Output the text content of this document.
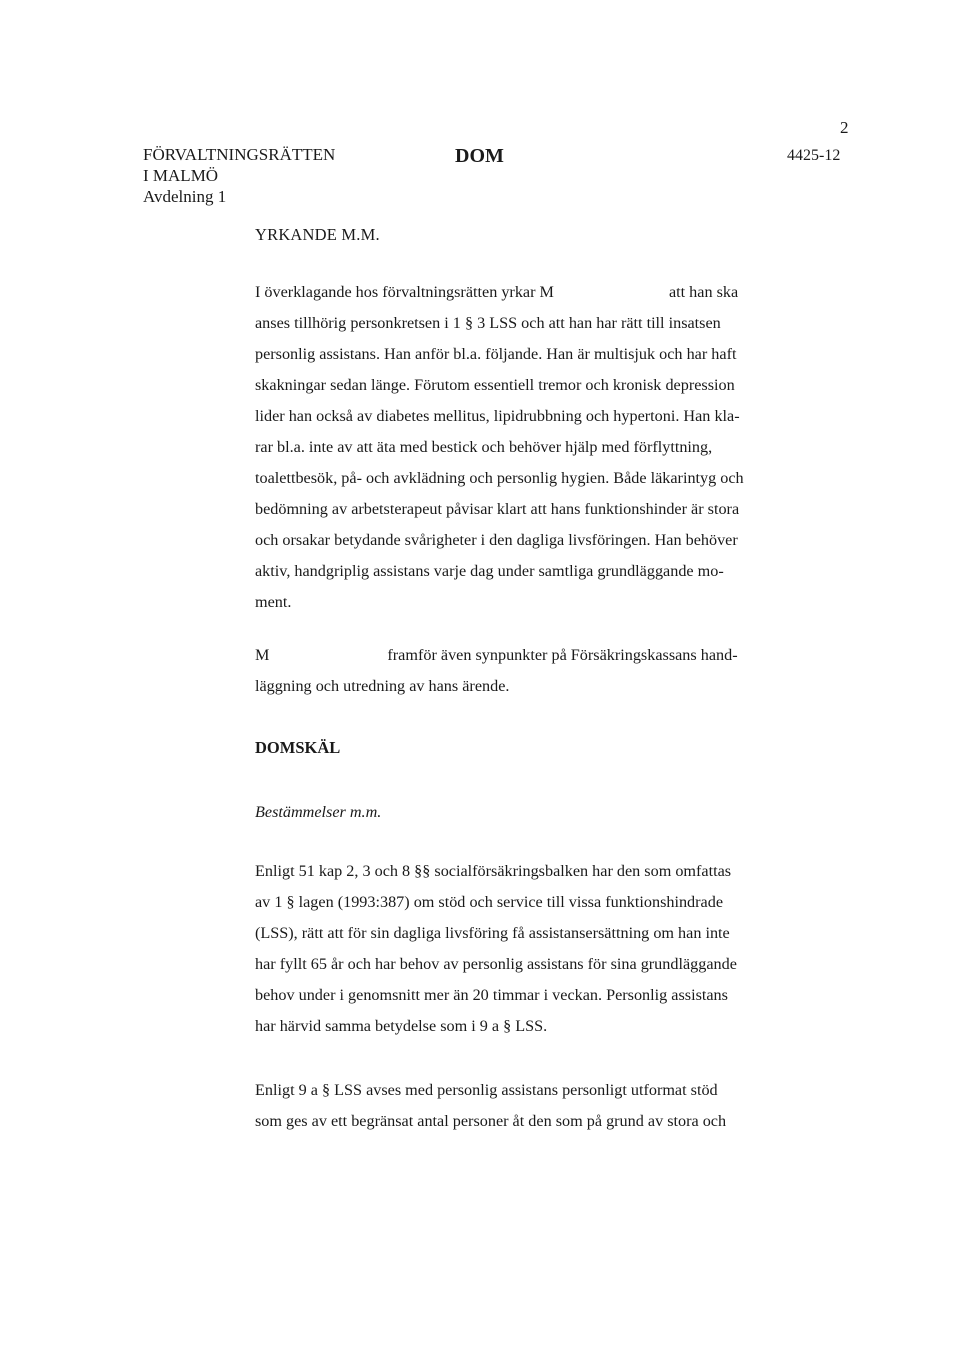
2
FÖRVALTNINGSRÄTTEN
I MALMÖ
Avdelning 1
DOM	4425-12
YRKANDE M.M.
I överklagande hos förvaltningsrätten yrkar M	att han ska
anses tillhörig personkretsen i 1 § 3 LSS och att han har rätt till insatsen
personlig assistans. Han anför bl.a. följande. Han är multisjuk och har haft
skakningar sedan länge. Förutom essentiell tremor och kronisk depression
lider han också av diabetes mellitus, lipidrubbning och hypertoni. Han kla-
rar bl.a. inte av att äta med bestick och behöver hjälp med förflyttning,
toalettbesök, på- och avklädning och personlig hygien. Både läkarintyg och
bedömning av arbetsterapeut påvisar klart att hans funktionshinder är stora
och orsakar betydande svårigheter i den dagliga livsföringen. Han behöver
aktiv, handgriplig assistans varje dag under samtliga grundläggande mo-
ment.
M	framför även synpunkter på Försäkringskassans hand-
läggning och utredning av hans ärende.
DOMSKÄL
Bestämmelser m.m.
Enligt 51 kap 2, 3 och 8 §§ socialförsäkringsbalken har den som omfattas
av 1 § lagen (1993:387) om stöd och service till vissa funktionshindrade
(LSS), rätt att för sin dagliga livsföring få assistansersättning om han inte
har fyllt 65 år och har behov av personlig assistans för sina grundläggande
behov under i genomsnitt mer än 20 timmar i veckan. Personlig assistans
har härvid samma betydelse som i 9 a § LSS.
Enligt 9 a § LSS avses med personlig assistans personligt utformat stöd
som ges av ett begränsat antal personer åt den som på grund av stora och
